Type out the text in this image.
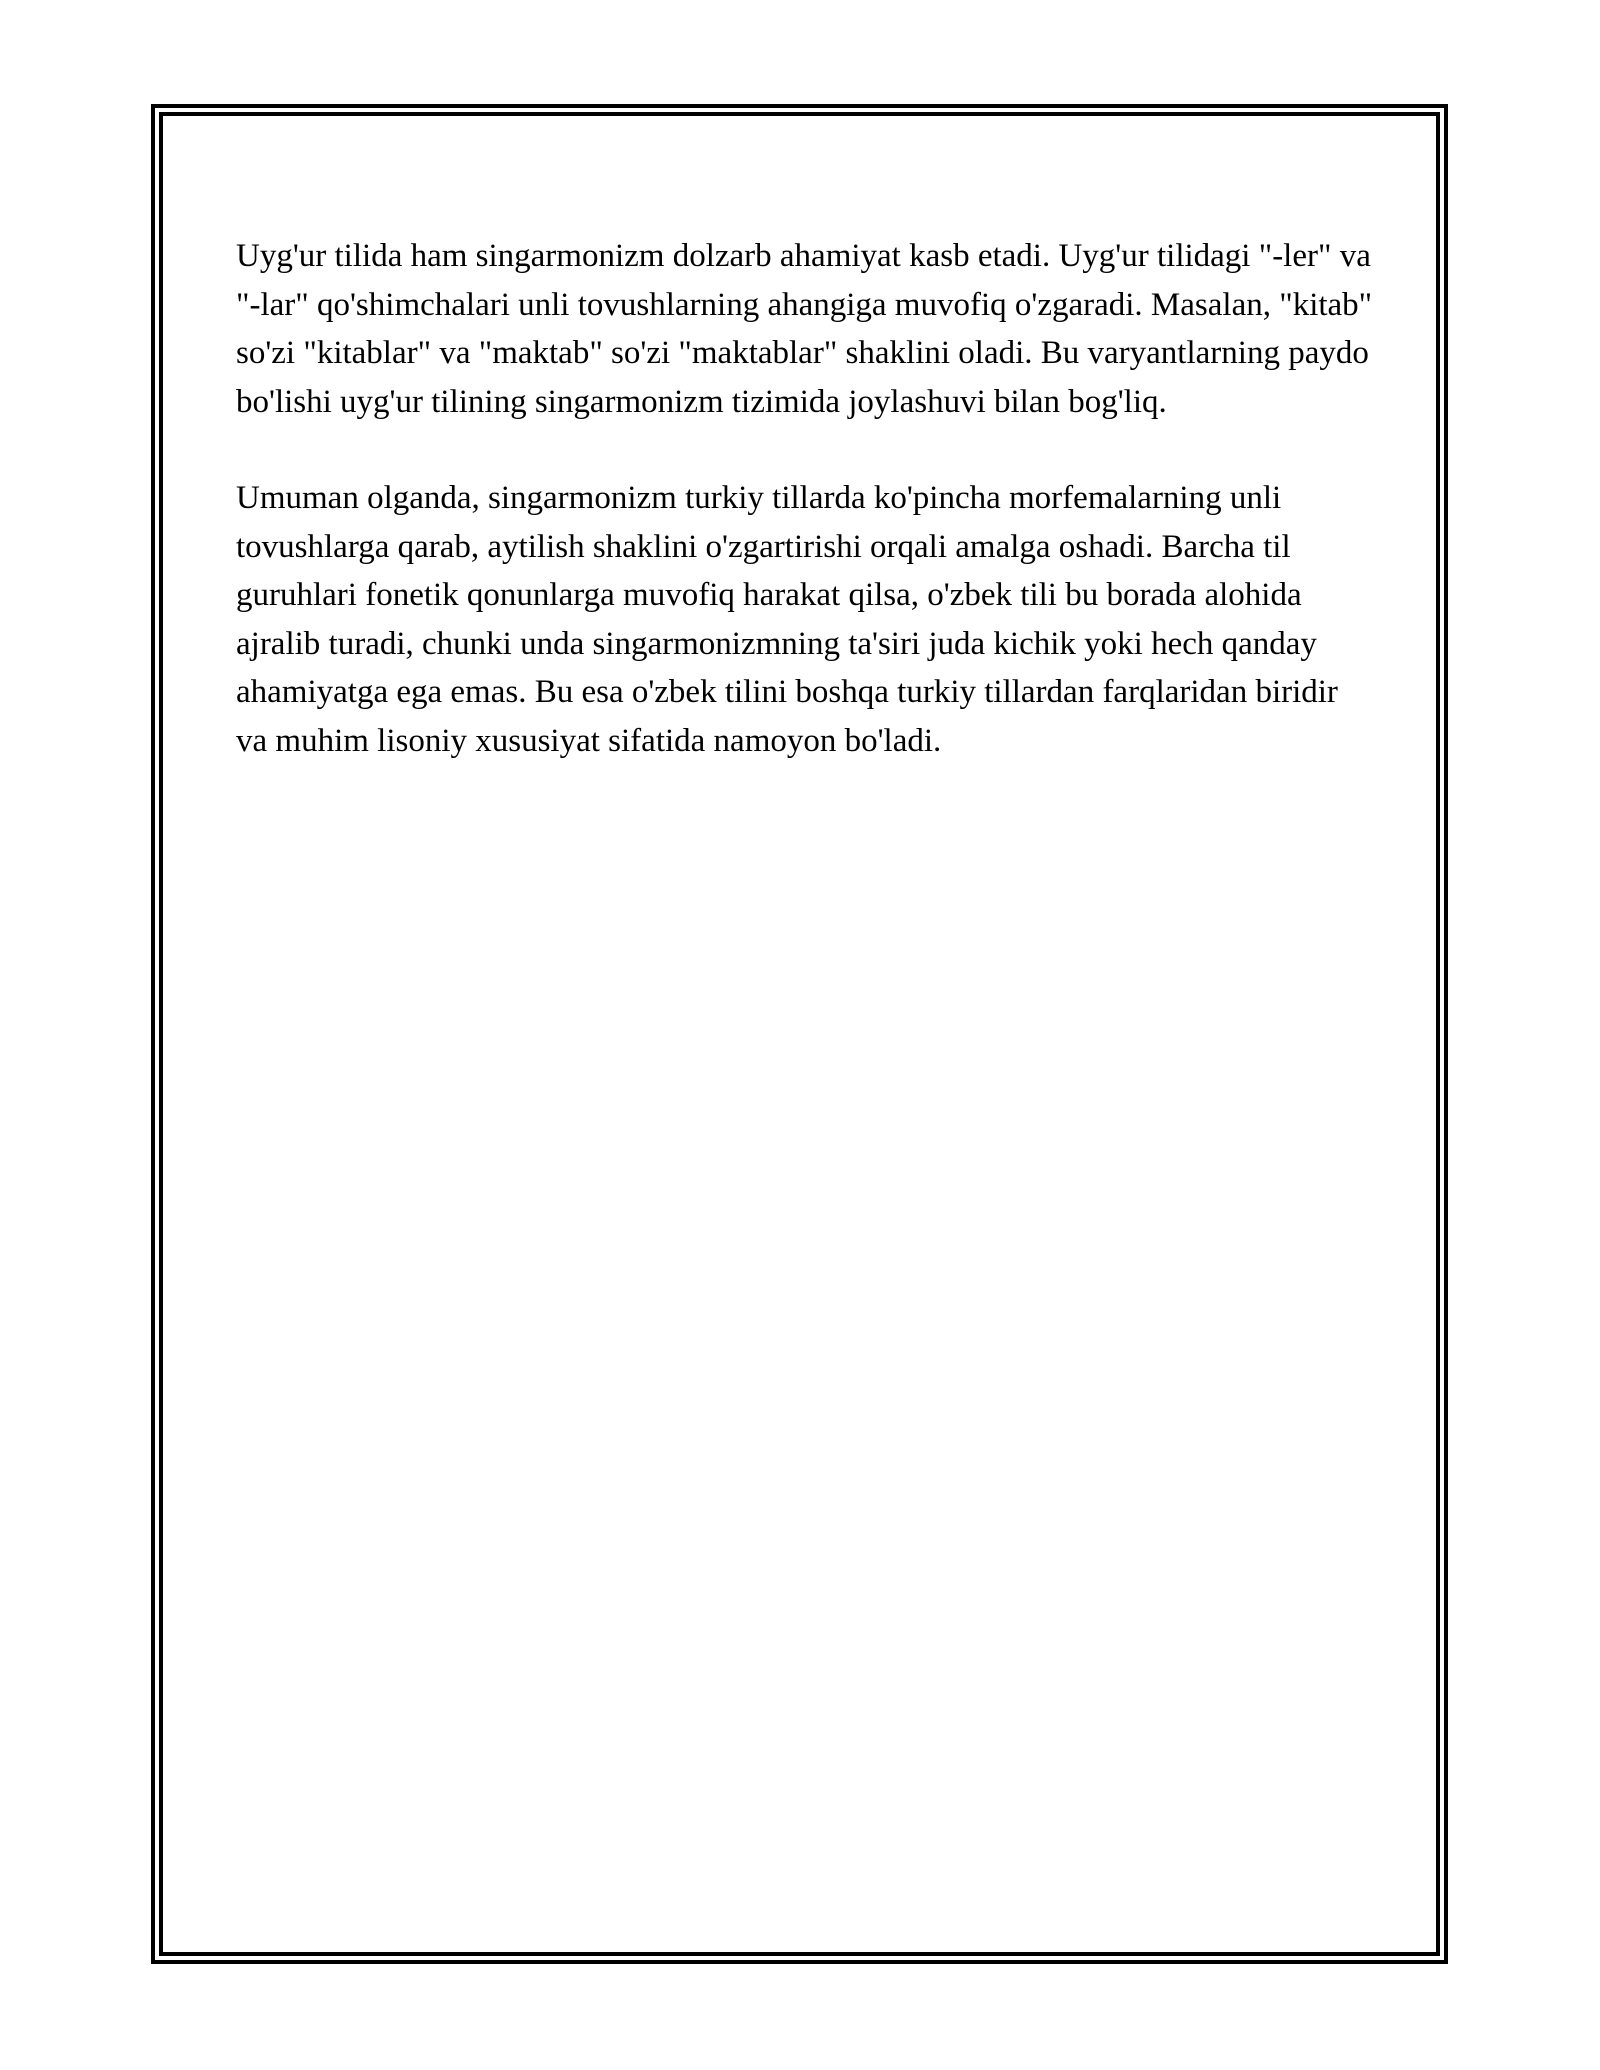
Uyg'ur tilida ham singarmonizm dolzarb ahamiyat kasb etadi. Uyg'ur tilidagi "-ler" va "-lar" qo'shimchalari unli tovushlarning ahangiga muvofiq o'zgaradi. Masalan, "kitab" so'zi "kitablar" va "maktab" so'zi "maktablar" shaklini oladi. Bu varyantlarning paydo bo'lishi uyg'ur tilining singarmonizm tizimida joylashuvi bilan bog'liq.

Umuman olganda, singarmonizm turkiy tillarda ko'pincha morfemalarning unli tovushlarga qarab, aytilish shaklini o'zgartirishi orqali amalga oshadi. Barcha til guruhlari fonetik qonunlarga muvofiq harakat qilsa, o'zbek tili bu borada alohida ajralib turadi, chunki unda singarmonizmning ta'siri juda kichik yoki hech qanday ahamiyatga ega emas. Bu esa o'zbek tilini boshqa turkiy tillardan farqlaridan biridir va muhim lisoniy xususiyat sifatida namoyon bo'ladi.
